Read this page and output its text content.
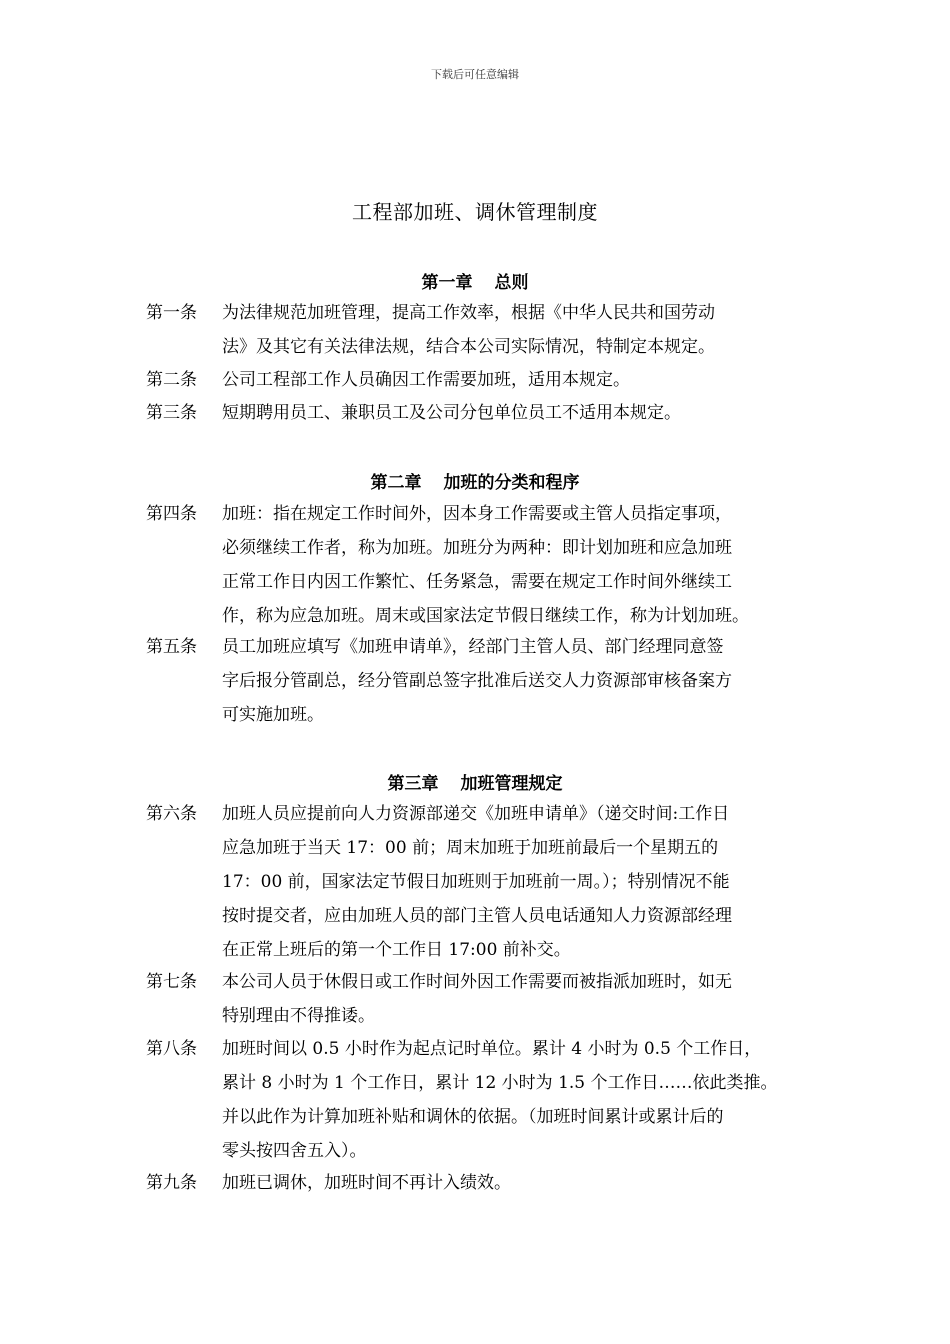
下载后可任意编辑
工程部加班、调休管理制度
第一章 总则
第一条	为法律规范加班管理，提高工作效率，根据《中华人民共和国劳动
法》及其它有关法律法规，结合本公司实际情况，特制定本规定。
第二条	公司工程部工作人员确因工作需要加班，适用本规定。
第三条	短期聘用员工、兼职员工及公司分包单位员工不适用本规定。
第二章 加班的分类和程序
第四条	加班：指在规定工作时间外，因本身工作需要或主管人员指定事项，
必须继续工作者，称为加班。加班分为两种：即计划加班和应急加班
正常工作日内因工作繁忙、任务紧急，需要在规定工作时间外继续工
作，称为应急加班。周末或国家法定节假日继续工作，称为计划加班。
第五条	员工加班应填写《加班申请单》，经部门主管人员、部门经理同意签
字后报分管副总，经分管副总签字批准后送交人力资源部审核备案方
可实施加班。
第三章 加班管理规定
第六条	加班人员应提前向人力资源部递交《加班申请单》（递交时间:工作日
应急加班于当天 17：00 前；周末加班于加班前最后一个星期五的
17：00 前，国家法定节假日加班则于加班前一周。）；特别情况不能
按时提交者，应由加班人员的部门主管人员电话通知人力资源部经理
在正常上班后的第一个工作日 17:00 前补交。
第七条	本公司人员于休假日或工作时间外因工作需要而被指派加班时，如无
特别理由不得推诿。
第八条	加班时间以 0.5 小时作为起点记时单位。累计 4 小时为 0.5 个工作日，
累计 8 小时为 1 个工作日，累计 12 小时为 1.5 个工作日……依此类推。
并以此作为计算加班补贴和调休的依据。（加班时间累计或累计后的
零头按四舍五入）。
第九条	加班已调休，加班时间不再计入绩效。
